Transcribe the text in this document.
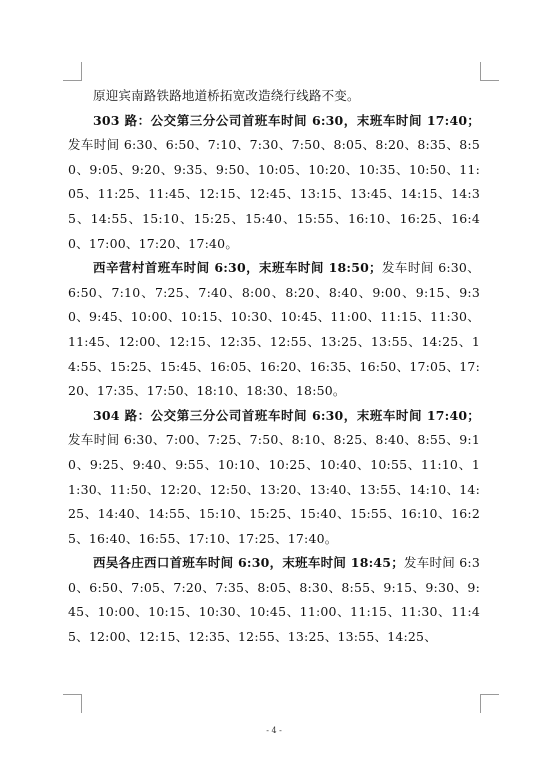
原迎宾南路铁路地道桥拓宽改造绕行线路不变。

303 路：公交第三分公司首班车时间 6:30，末班车时间 17:40；发车时间 6:30、6:50、7:10、7:30、7:50、8:05、8:20、8:35、8:50、9:05、9:20、9:35、9:50、10:05、10:20、10:35、10:50、11:05、11:25、11:45、12:15、12:45、13:15、13:45、14:15、14:35、14:55、15:10、15:25、15:40、15:55、16:10、16:25、16:40、17:00、17:20、17:40。

西辛营村首班车时间 6:30，末班车时间 18:50；发车时间 6:30、6:50、7:10、7:25、7:40、8:00、8:20、8:40、9:00、9:15、9:30、9:45、10:00、10:15、10:30、10:45、11:00、11:15、11:30、11:45、12:00、12:15、12:35、12:55、13:25、13:55、14:25、14:55、15:25、15:45、16:05、16:20、16:35、16:50、17:05、17:20、17:35、17:50、18:10、18:30、18:50。

304 路：公交第三分公司首班车时间 6:30，末班车时间 17:40；发车时间 6:30、7:00、7:25、7:50、8:10、8:25、8:40、8:55、9:10、9:25、9:40、9:55、10:10、10:25、10:40、10:55、11:10、11:30、11:50、12:20、12:50、13:20、13:40、13:55、14:10、14:25、14:40、14:55、15:10、15:25、15:40、15:55、16:10、16:25、16:40、16:55、17:10、17:25、17:40。

西吴各庄西口首班车时间 6:30，末班车时间 18:45；发车时间 6:30、6:50、7:05、7:20、7:35、8:05、8:30、8:55、9:15、9:30、9:45、10:00、10:15、10:30、10:45、11:00、11:15、11:30、11:45、12:00、12:15、12:35、12:55、13:25、13:55、14:25、

- 4 -
